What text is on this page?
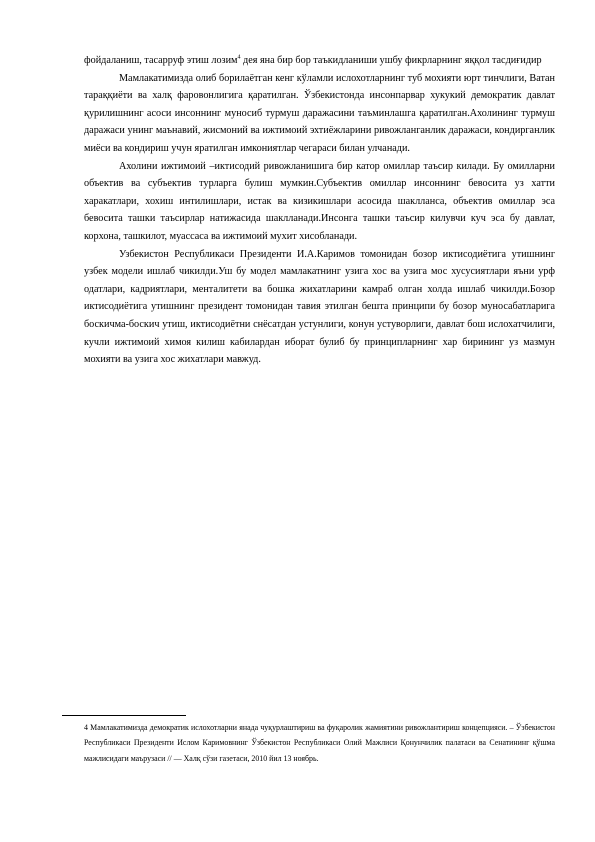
фойдаланиш, тасарруф этиш лозим$^4$ дея яна бир бор таъкидланиши ушбу фикрларнинг яққол тасдиғидир

Мамлакатимизда олиб борилаётган кенг кўламли ислохотларнинг туб мохияти юрт тинчлиги, Ватан тараққиёти ва халқ фаровонлигига қаратилган. Ўзбекистонда инсонпарвар хукукий демократик давлат қурилишнинг асоси инсоннинг муносиб турмуш даражасини таъминлашга қаратилган.Ахолининг турмуш даражаси унинг маънавий, жисмоний ва ижтимоий эхтиёжларини ривожланганлик даражаси, кондирганлик миёси ва кондириш учун яратилган имкониятлар чегараси билан улчанади.

Ахолини ижтимоий –иктисодий ривожланишига бир катор омиллар таъсир килади. Бу омилларни объектив ва субъектив турларга булиш мумкин.Субъектив омиллар инсоннинг бевосита уз хатти харакатлари, хохиш интилишлари, истак ва кизикишлари асосида шаклланса, объектив омиллар эса бевосита ташки таъсирлар натижасида шаклланади.Инсонга ташки таъсир килувчи куч эса бу давлат, корхона, ташкилот, муассаса ва ижтимоий мухит хисобланади.

Узбекистон Республикаси Президенти И.А.Каримов томонидан бозор иктисодиётига утишнинг узбек модели ишлаб чикилди.Уш бу модел мамлакатнинг узига хос ва узига мос хусусиятлари яъни урф одатлари, кадриятлари, менталитети ва бошка жихатларини камраб олган холда ишлаб чикилди.Бозор иктисодиётига утишнинг президент томонидан тавия этилган бешта принципи бу бозор муносабатларига боскичма-боскич утиш, иктисодиётни снёсатдан устунлиги, конун устуворлиги, давлат бош ислохатчилиги, кучли ижтимоий химоя килиш кабилардан иборат булиб бу принципларнинг хар бирининг уз мазмун мохияти ва узига хос жихатлари мавжуд.

4 Мамлакатимизда демократик ислохотларни янада чуқурлаштириш ва фуқаролик жамиятини ривожлантириш концепцияси. – Ўзбекистон Республикаси Президенти Ислом Каримовнинг Ўзбекистон Республикаси Олий Мажлиси Қонунчилик палатаси ва Сенатининг қўшма мажлисидаги маърузаси // — Халқ сўзи газетаси, 2010 йил 13 ноябрь.
